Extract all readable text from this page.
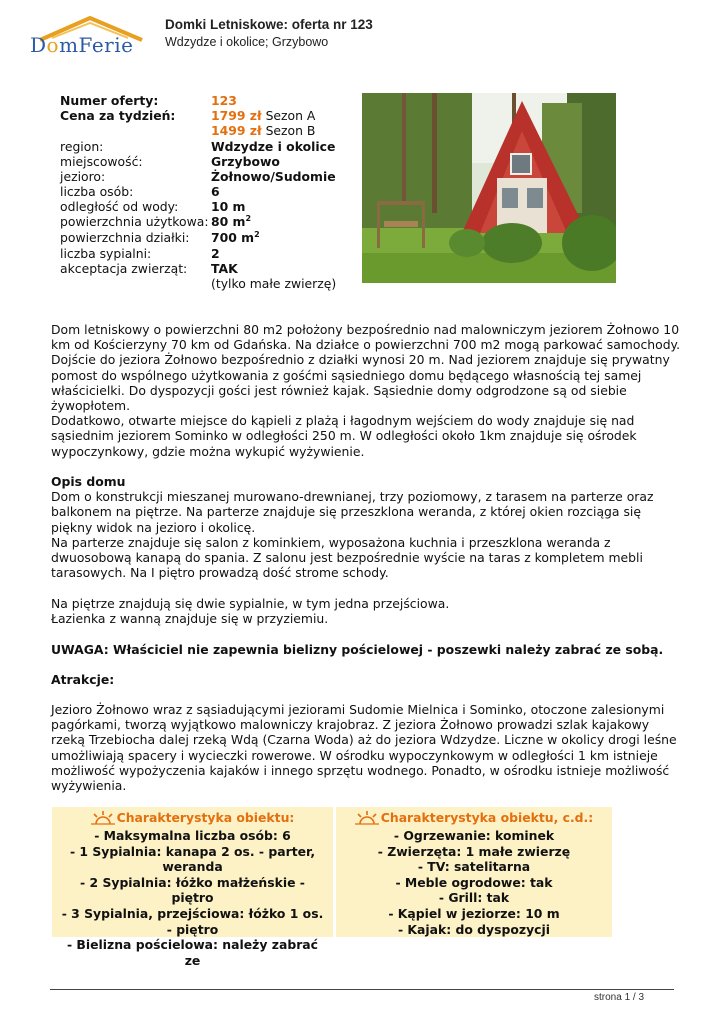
DomFerie
Domki Letniskowe: oferta nr 123
Wdzydze i okolice; Grzybowo
Numer oferty:	123
Cena za tydzień:	1799 zł Sezon A
1499 zł Sezon B
region:	Wdzydze i okolice
miejscowość:	Grzybowo
jezioro:	Żołnowo/Sudomie
liczba osób:	6
odległość od wody:	10 m
powierzchnia użytkowa: 80 $m^2$
powierzchnia działki: 700 $m^2$
liczba sypialni:	2
akceptacja zwierząt: TAK
(tylko małe zwierzę)

Dom letniskowy o powierzchni 80 m2 położony bezpośrednio nad malowniczym jeziorem Żołnowo 10 km od Kościerzyny 70 km od Gdańska. Na działce o powierzchni 700 m2 mogą parkować samochody. Dojście do jeziora Żołnowo bezpośrednio z działki wynosi 20 m. Nad jeziorem znajduje się prywatny pomost do wspólnego użytkowania z gośćmi sąsiedniego domu będącego własnością tej samej właścicielki. Do dyspozycji gości jest również kajak. Sąsiednie domy odgrodzone są od siebie żywopłotem.

Dodatkowo, otwarte miejsce do kąpieli z plażą i łagodnym wejściem do wody znajduje się nad sąsiednim jeziorem Sominko w odległości 250 m. W odległości około 1km znajduje się ośrodek wypoczynkowy, gdzie można wykupić wyżywienie.

Opis domu

Dom o konstrukcji mieszanej murowano-drewnianej, trzy poziomowy, z tarasem na parterze oraz balkonem na piętrze. Na parterze znajduje się przeszklona weranda, z której okien rozciąga się piękny widok na jezioro i okolicę.

Na parterze znajduje się salon z kominkiem, wyposażona kuchnia i przeszklona weranda z dwuosobową kanapą do spania. Z salonu jest bezpośrednie wyście na taras z kompletem mebli tarasowych. Na I piętro prowadzą dość strome schody.

Na piętrze znajdują się dwie sypialnie, w tym jedna przejściowa.

Łazienka z wanną znajduje się w przyziemiu.

UWAGA: Właściciel nie zapewnia bielizny pościelowej - poszewki należy zabrać ze sobą.
Atrakcje:
Jezioro Żołnowo wraz z sąsiadującymi jeziorami Sudomie Mielnica i Sominko, otoczone zalesionymi pagórkami, tworzą wyjątkowo malowniczy krajobraz. Z jeziora Żołnowo prowadzi szlak kajakowy rzeką Trzebiocha dalej rzeką Wdą (Czarna Woda) aż do jeziora Wdzydze. Liczne w okolicy drogi leśne umożliwiają spacery i wycieczki rowerowe. W ośrodku wypoczynkowym w odległości 1 km istnieje możliwość wypożyczenia kajaków i innego sprzętu wodnego. Ponadto, w ośrodku istnieje możliwość wyżywienia.
Charakterystyka obiektu:
- Maksymalna liczba osób: 6
- 1 Sypialnia: kanapa 2 os. - parter, weranda
- 2 Sypialnia: łóżko małżeńskie - piętro
- 3 Sypialnia, przejściowa: łóżko 1 os. - piętro
- Bielizna pościelowa: należy zabrać ze
Charakterystyka obiektu, c.d.:
- Ogrzewanie: kominek
- Zwierzęta: 1 małe zwierzę
- TV: satelitarna
- Meble ogrodowe: tak
- Grill: tak
- Kąpiel w jeziorze: 10 m
- Kajak: do dyspozycji
strona 1 / 3
